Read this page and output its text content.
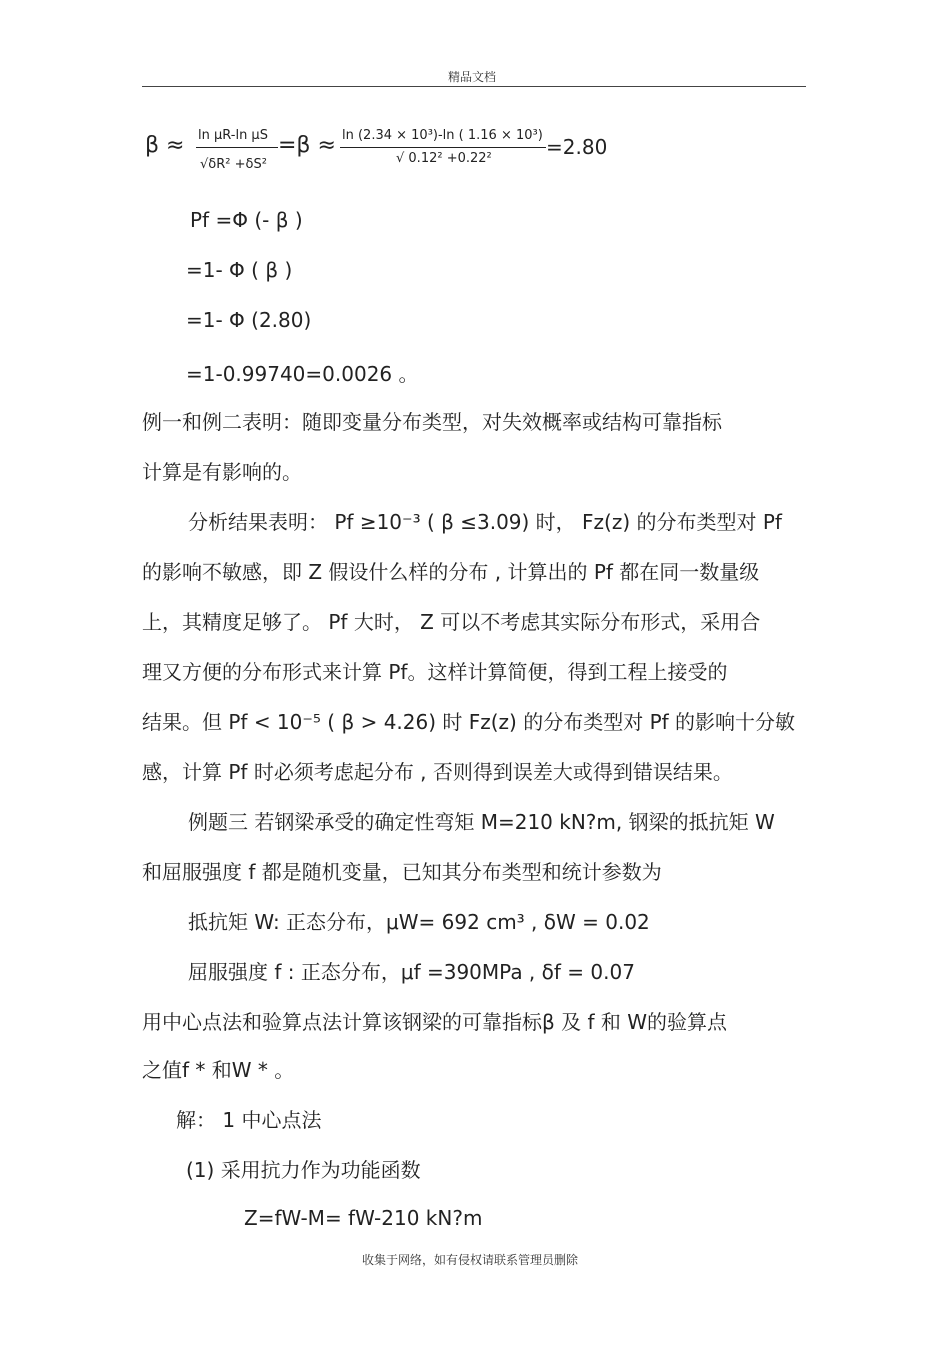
精品文档
β ≈ ln μR-ln μS
√δR² +δS²
=β ≈ ln (2.34 × 10³)-ln ( 1.16 × 10³)
√ 0.12² +0.22²	=2.80
Pf =Φ (- β )
=1- Φ ( β )
=1- Φ (2.80)
=1-0.99740=0.0026 。
例一和例二表明：随即变量分布类型，对失效概率或结构可靠指标
计算是有影响的。
分析结果表明： Pf ≥10⁻³ ( β ≤3.09) 时， Fz(z) 的分布类型对 Pf
的影响不敏感，即 Z 假设什么样的分布 , 计算出的 Pf 都在同一数量级
上，其精度足够了。 Pf 大时， Z 可以不考虑其实际分布形式，采用合
理又方便的分布形式来计算 Pf。这样计算简便，得到工程上接受的
结果。但 Pf < 10⁻⁵ ( β > 4.26) 时 Fz(z) 的分布类型对 Pf 的影响十分敏
感，计算 Pf 时必须考虑起分布 , 否则得到误差大或得到错误结果。
例题三 若钢梁承受的确定性弯矩 M=210 kN?m, 钢梁的抵抗矩 W
和屈服强度 f 都是随机变量，已知其分布类型和统计参数为
抵抗矩 W: 正态分布，μW= 692 cm³ , δW = 0.02
屈服强度 f : 正态分布，μf =390MPa , δf = 0.07
用中心点法和验算点法计算该钢梁的可靠指标β 及 f 和 W的验算点
之值f * 和W * 。
解： 1 中心点法
(1) 采用抗力作为功能函数
Z=fW-M= fW-210 kN?m
收集于网络，如有侵权请联系管理员删除
